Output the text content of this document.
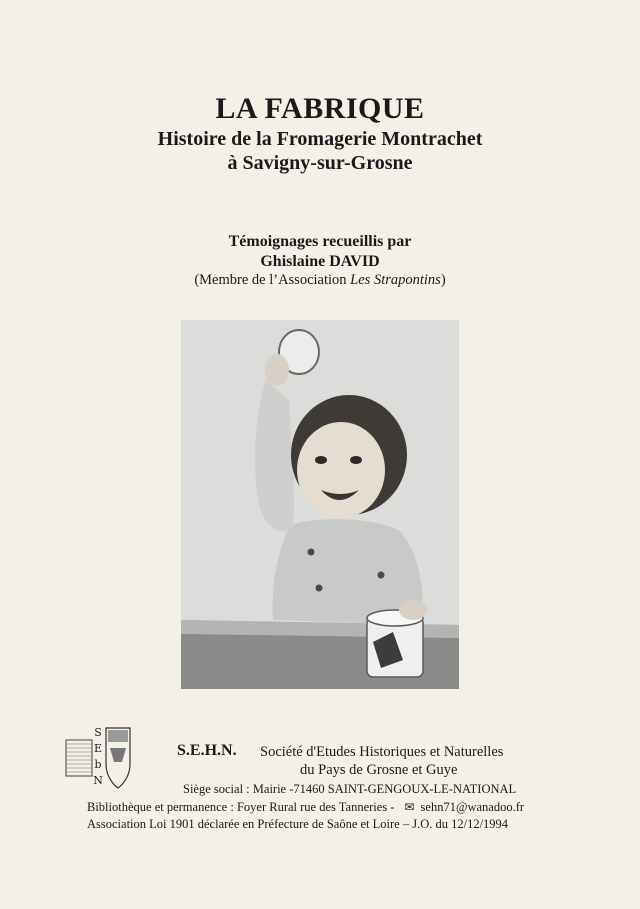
LA FABRIQUE
Histoire de la Fromagerie Montrachet
à Savigny-sur-Grosne
Témoignages recueillis par
Ghislaine DAVID
(Membre de l’Association Les Strapontins)
S
E
b
N
S.E.H.N. Société d'Etudes Historiques et Naturelles
du Pays de Grosne et Guye
Siège social : Mairie -71460 SAINT-GENGOUX-LE-NATIONAL
Bibliothèque et permanence : Foyer Rural rue des Tanneries - ✉ sehn71@wanadoo.fr
Association Loi 1901 déclarée en Préfecture de Saône et Loire – J.O. du 12/12/1994
